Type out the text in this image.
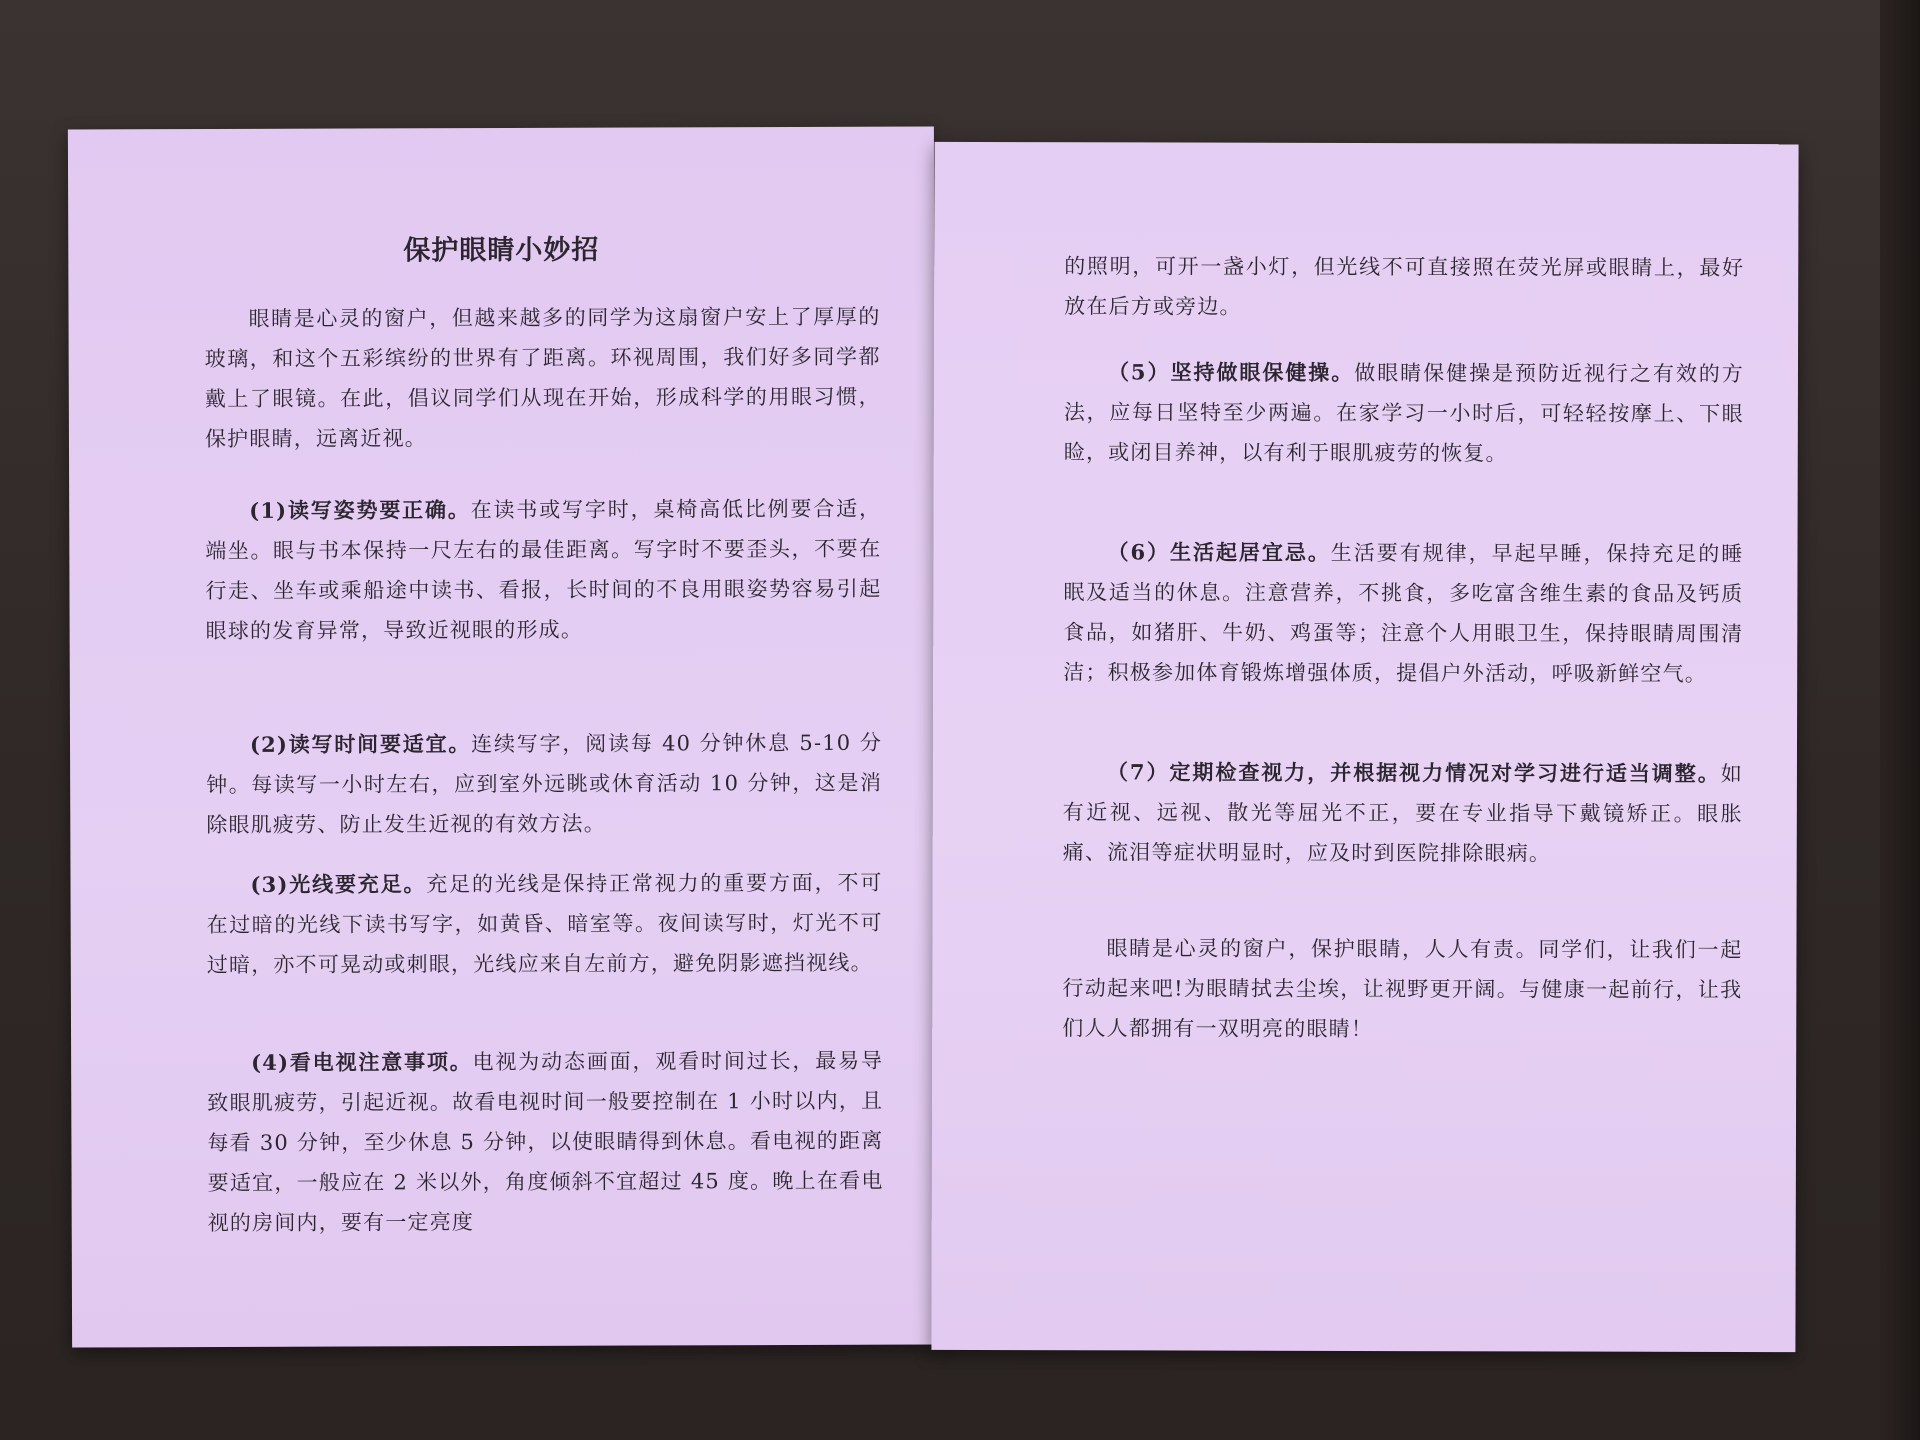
保护眼睛小妙招

眼睛是心灵的窗户，但越来越多的同学为这扇窗户安上了厚厚的玻璃，和这个五彩缤纷的世界有了距离。环视周围，我们好多同学都戴上了眼镜。在此，倡议同学们从现在开始，形成科学的用眼习惯，保护眼睛，远离近视。

(1)读写姿势要正确。在读书或写字时，桌椅高低比例要合适，端坐。眼与书本保持一尺左右的最佳距离。写字时不要歪头，不要在行走、坐车或乘船途中读书、看报，长时间的不良用眼姿势容易引起眼球的发育异常，导致近视眼的形成。

(2)读写时间要适宜。连续写字，阅读每 40 分钟休息 5-10 分钟。每读写一小时左右，应到室外远眺或休育活动 10 分钟，这是消除眼肌疲劳、防止发生近视的有效方法。

(3)光线要充足。充足的光线是保持正常视力的重要方面，不可在过暗的光线下读书写字，如黄昏、暗室等。夜间读写时，灯光不可过暗，亦不可晃动或刺眼，光线应来自左前方，避免阴影遮挡视线。

(4)看电视注意事项。电视为动态画面，观看时间过长，最易导致眼肌疲劳，引起近视。故看电视时间一般要控制在 1 小时以内，且每看 30 分钟，至少休息 5 分钟，以使眼睛得到休息。看电视的距离要适宜，一般应在 2 米以外，角度倾斜不宜超过 45 度。晚上在看电视的房间内，要有一定亮度

的照明，可开一盏小灯，但光线不可直接照在荧光屏或眼睛上，最好放在后方或旁边。

（5）坚持做眼保健操。做眼睛保健操是预防近视行之有效的方法，应每日坚特至少两遍。在家学习一小时后，可轻轻按摩上、下眼睑，或闭目养神，以有利于眼肌疲劳的恢复。

（6）生活起居宜忌。生活要有规律，早起早睡，保持充足的睡眠及适当的休息。注意营养，不挑食，多吃富含维生素的食品及钙质食品，如猪肝、牛奶、鸡蛋等；注意个人用眼卫生，保持眼睛周围清洁；积极参加体育锻炼增强体质，提倡户外活动，呼吸新鲜空气。

（7）定期检查视力，并根据视力情况对学习进行适当调整。如有近视、远视、散光等屈光不正，要在专业指导下戴镜矫正。眼胀痛、流泪等症状明显时，应及时到医院排除眼病。

眼睛是心灵的窗户，保护眼睛，人人有责。同学们，让我们一起行动起来吧!为眼睛拭去尘埃，让视野更开阔。与健康一起前行，让我们人人都拥有一双明亮的眼睛！
